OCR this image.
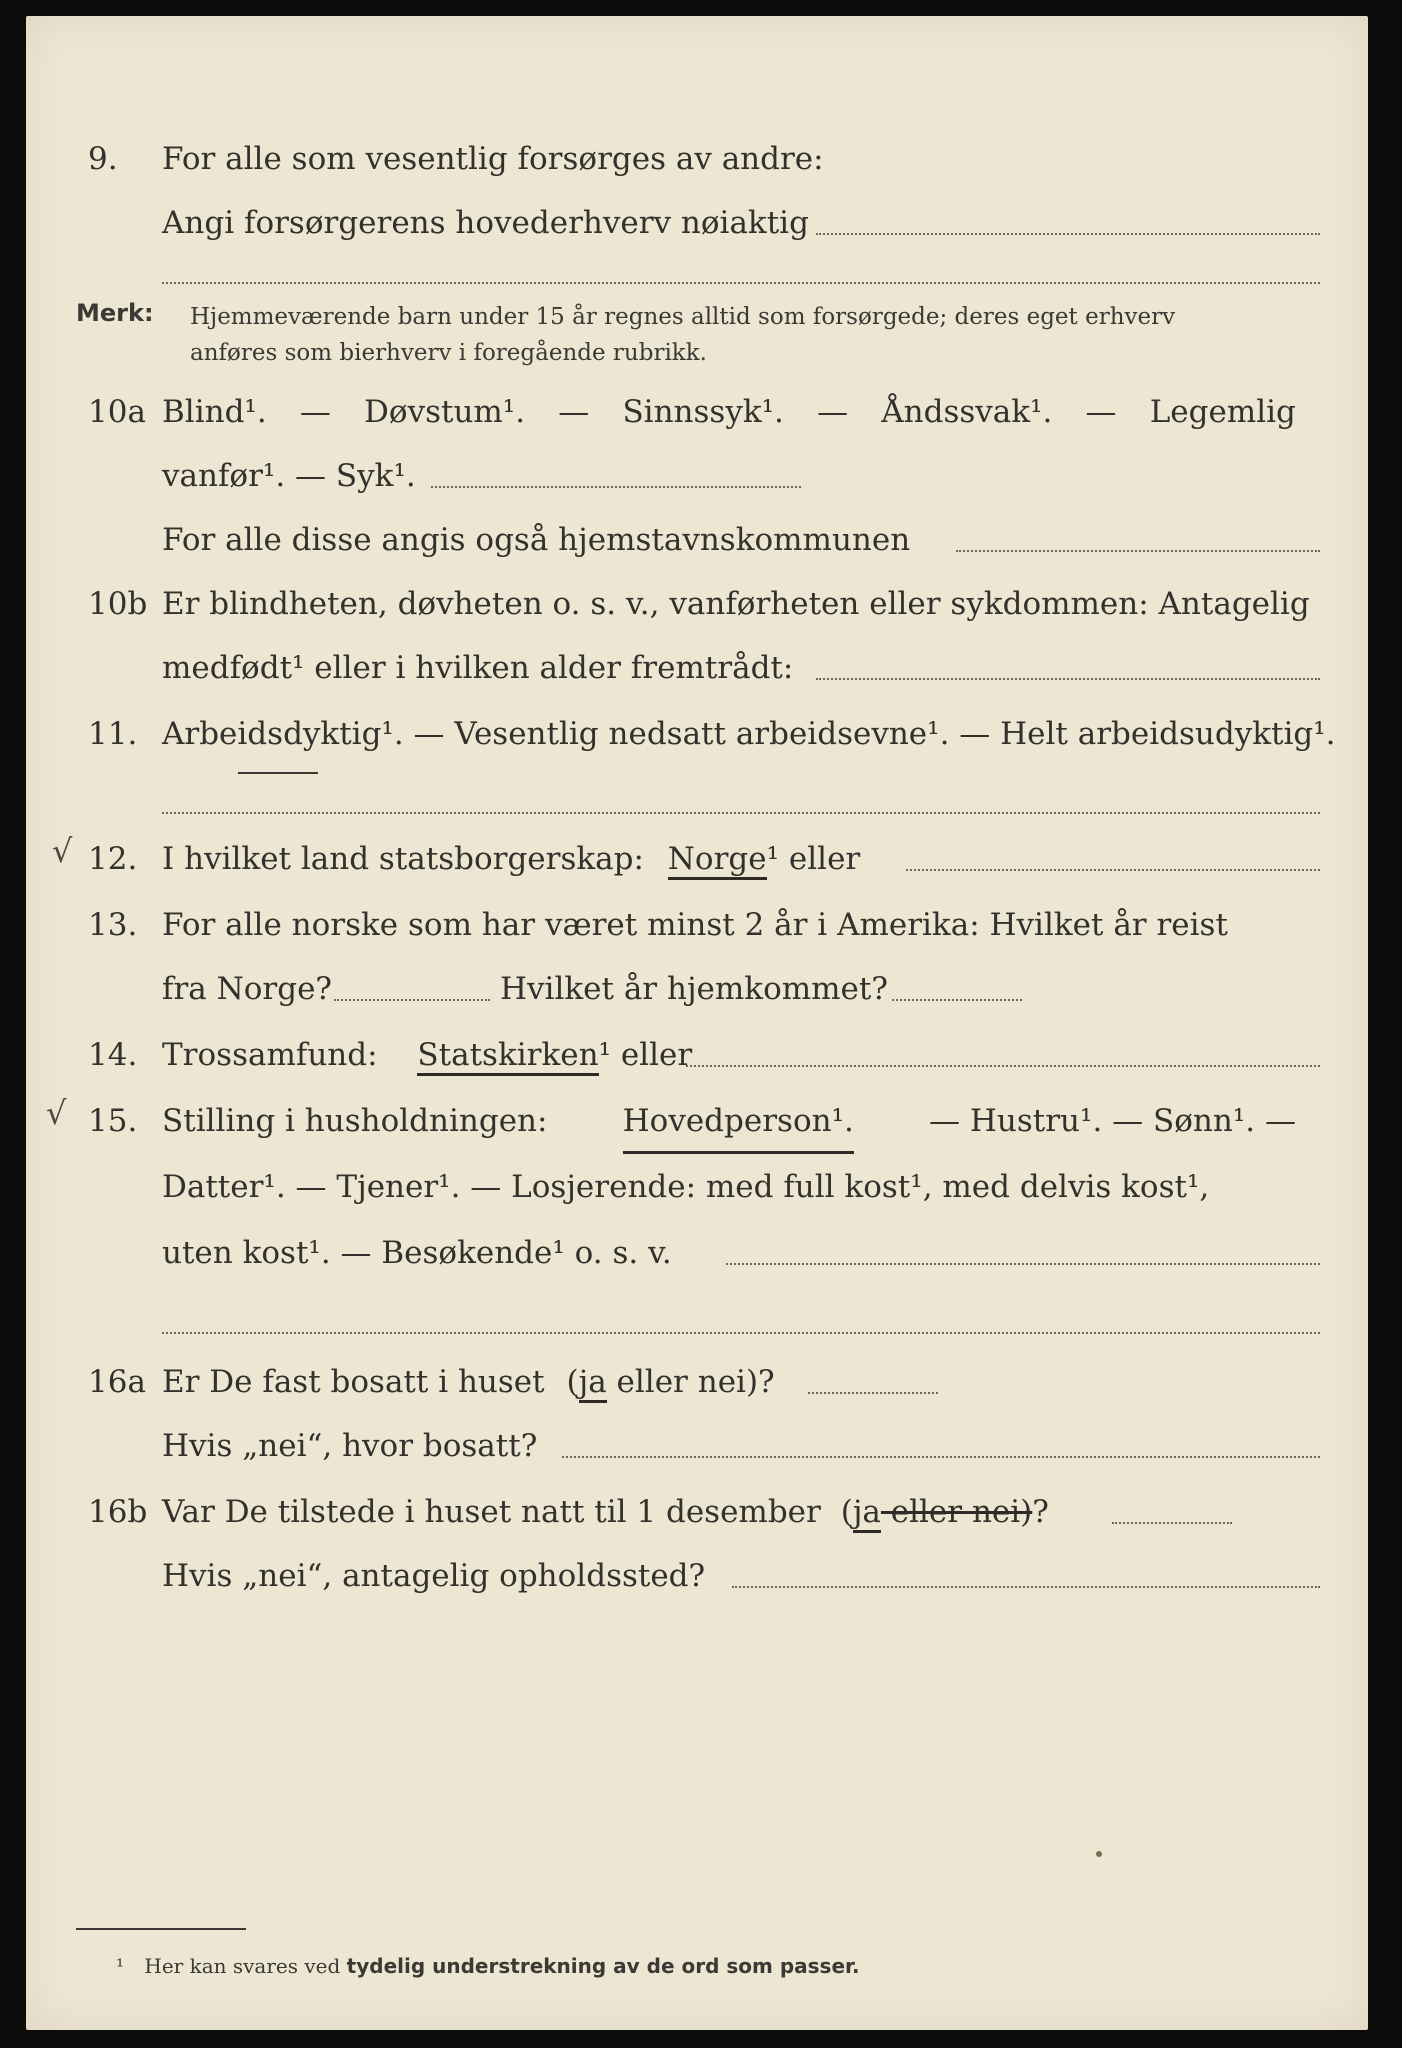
9.	For alle som vesentlig forsørges av andre:
Angi forsørgerens hovederhverv nøiaktig
Merk: Hjemmeværende barn under 15 år regnes alltid som forsørgede; deres eget erhverv
anføres som bierhverv i foregående rubrikk.
10a Blind¹. — Døvstum¹. — Sinnssyk¹. — Åndssvak¹. — Legemlig
vanfør¹. — Syk¹.
For alle disse angis også hjemstavnskommunen
10b Er blindheten, døvheten o. s. v., vanførheten eller sykdommen: Antagelig
medfødt¹ eller i hvilken alder fremtrådt:
11. Arbeidsdyktig¹. — Vesentlig nedsatt arbeidsevne¹. — Helt arbeidsudyktig¹.
√ 12. I hvilket land statsborgerskap: Norge¹ eller
13. For alle norske som har været minst 2 år i Amerika: Hvilket år reist
fra Norge?	Hvilket år hjemkommet?
14. Trossamfund: Statskirken¹ eller
√ 15. Stilling i husholdningen: Hovedperson¹. — Hustru¹. — Sønn¹. —
Datter¹. — Tjener¹. — Losjerende: med full kost¹, med delvis kost¹,
uten kost¹. — Besøkende¹ o. s. v.
16a Er De fast bosatt i huset (ja eller nei)?
Hvis „nei“, hvor bosatt?
16b Var De tilstede i huset natt til 1 desember (ja eller nei)?
Hvis „nei“, antagelig opholdssted?
¹ Her kan svares ved tydelig understrekning av de ord som passer.
